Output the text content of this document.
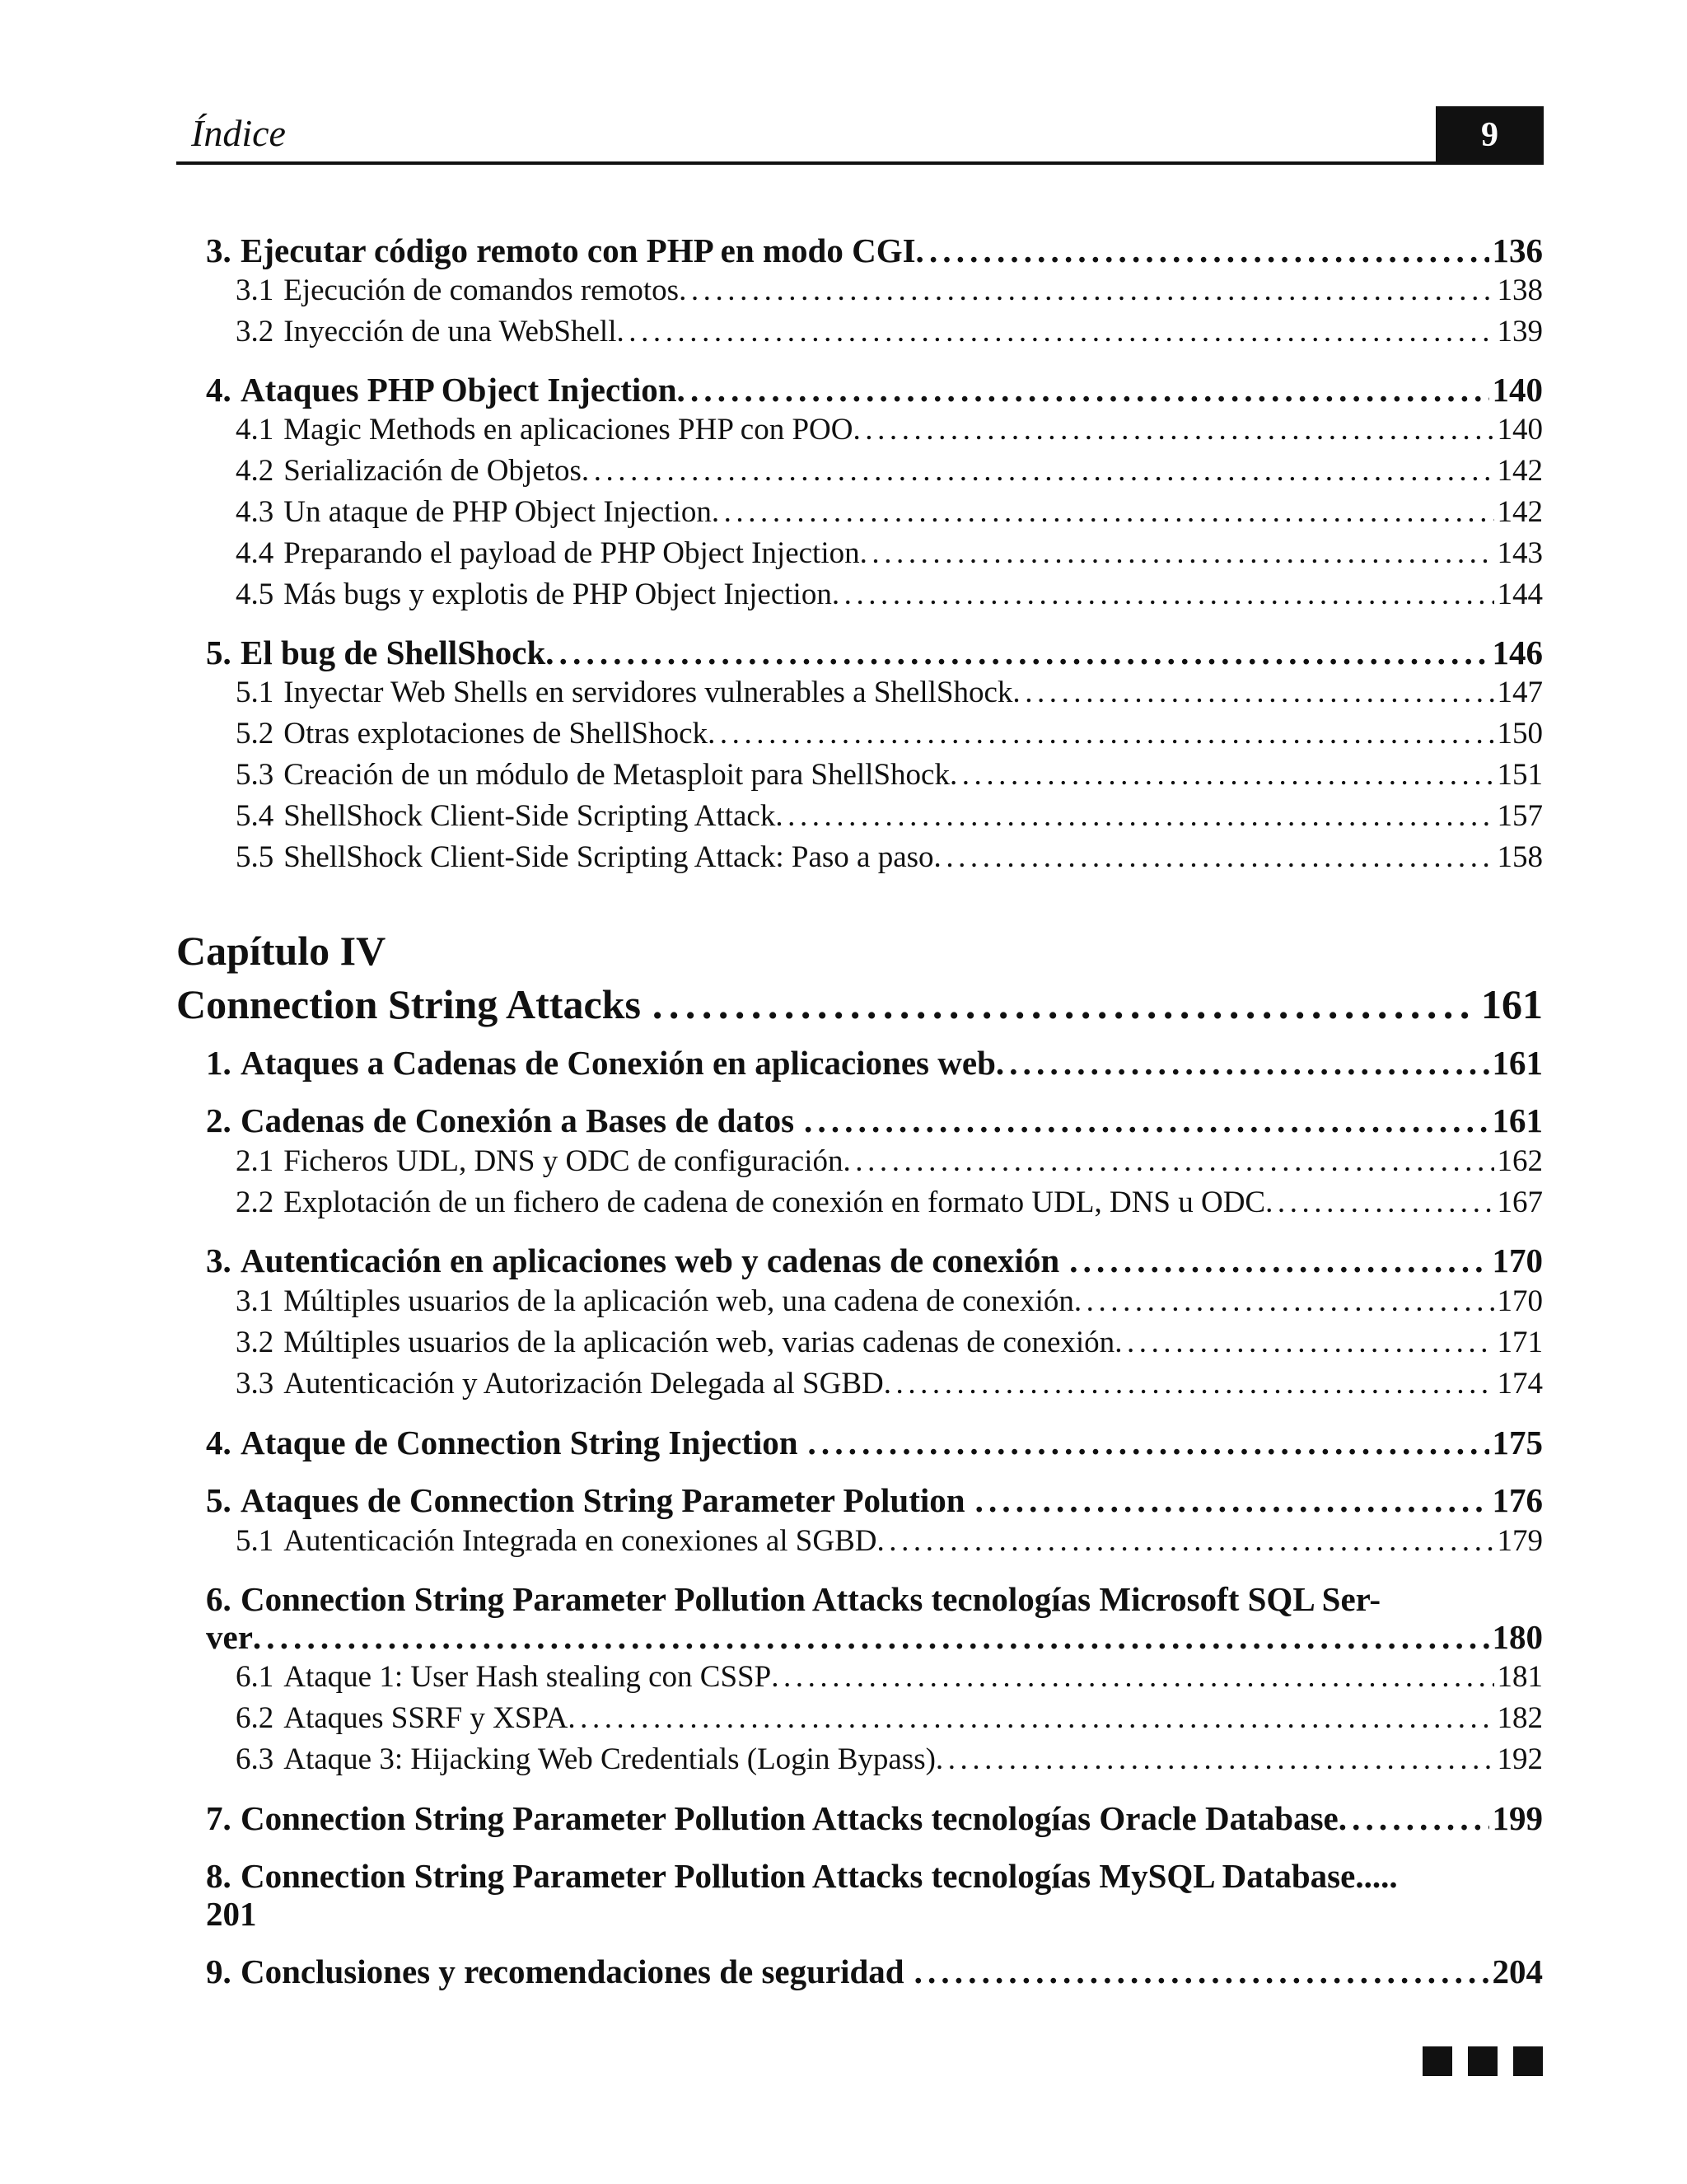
Índice	9
3. Ejecutar código remoto con PHP en modo CGI . . .	136
3.1 Ejecución de comandos remotos . . .	138
3.2 Inyección de una WebShell . . .	139
4. Ataques PHP Object Injection . . .	140
4.1 Magic Methods en aplicaciones PHP con POO . . .	140
4.2 Serialización de Objetos . . .	142
4.3 Un ataque de PHP Object Injection . . .	142
4.4 Preparando el payload de PHP Object Injection . . .	143
4.5 Más bugs y explotis de PHP Object Injection . . .	144
5. El bug de ShellShock . . .	146
5.1 Inyectar Web Shells en servidores vulnerables a ShellShock . . .	147
5.2 Otras explotaciones de ShellShock . . .	150
5.3 Creación de un módulo de Metasploit para ShellShock . . .	151
5.4 ShellShock Client-Side Scripting Attack . . .	157
5.5 ShellShock Client-Side Scripting Attack: Paso a paso . . .	158
Capítulo IV
Connection String Attacks . . .	161
1. Ataques a Cadenas de Conexión en aplicaciones web . . .	161
2. Cadenas de Conexión a Bases de datos . . .	161
2.1 Ficheros UDL, DNS y ODC de configuración . . .	162
2.2 Explotación de un fichero de cadena de conexión en formato UDL, DNS u ODC . . .	167
3. Autenticación en aplicaciones web y cadenas de conexión . . .	170
3.1 Múltiples usuarios de la aplicación web, una cadena de conexión . . .	170
3.2 Múltiples usuarios de la aplicación web, varias cadenas de conexión . . .	171
3.3 Autenticación y Autorización Delegada al SGBD . . .	174
4. Ataque de Connection String Injection . . .	175
5. Ataques de Connection String Parameter Polution . . .	176
5.1 Autenticación Integrada en conexiones al SGBD . . .	179
6. Connection String Parameter Pollution Attacks tecnologías Microsoft SQL Ser-
ver . . .	180
6.1 Ataque 1: User Hash stealing con CSSP . . .	181
6.2 Ataques SSRF y XSPA . . .	182
6.3 Ataque 3: Hijacking Web Credentials (Login Bypass) . . .	192
7. Connection String Parameter Pollution Attacks tecnologías Oracle Database . . .	199
8. Connection String Parameter Pollution Attacks tecnologías MySQL Database.....
201
9. Conclusiones y recomendaciones de seguridad . . .	204
